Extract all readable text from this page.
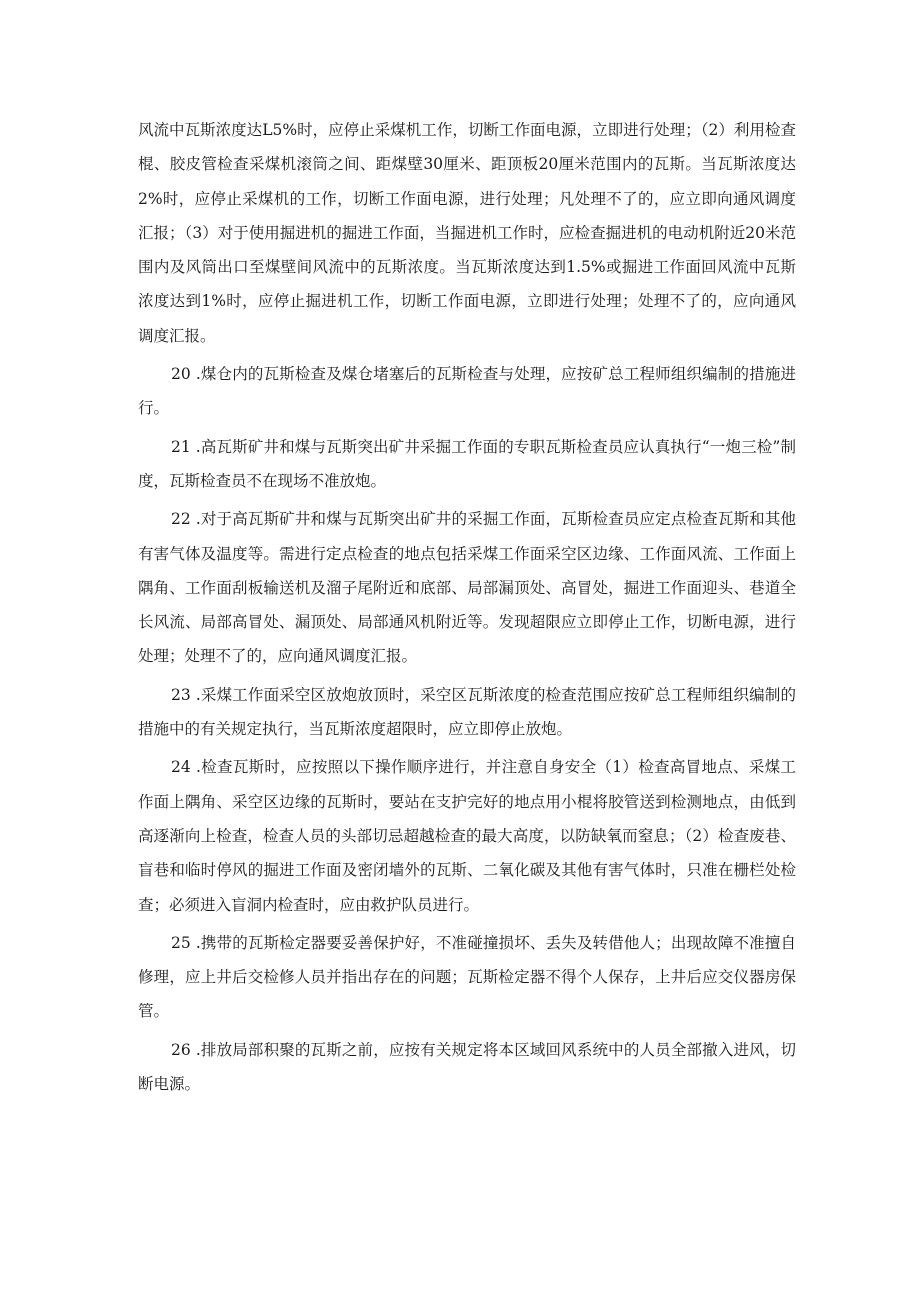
风流中瓦斯浓度达L5%时，应停止采煤机工作，切断工作面电源，立即进行处理；（2）利用检查棍、胶皮管检查采煤机滚筒之间、距煤壁30厘米、距顶板20厘米范围内的瓦斯。当瓦斯浓度达2%时，应停止采煤机的工作，切断工作面电源，进行处理；凡处理不了的，应立即向通风调度汇报；（3）对于使用掘进机的掘进工作面，当掘进机工作时，应检查掘进机的电动机附近20米范围内及风筒出口至煤壁间风流中的瓦斯浓度。当瓦斯浓度达到1.5%或掘进工作面回风流中瓦斯浓度达到1%时，应停止掘进机工作，切断工作面电源，立即进行处理；处理不了的，应向通风调度汇报。

20 .煤仓内的瓦斯检查及煤仓堵塞后的瓦斯检查与处理，应按矿总工程师组织编制的措施进行。

21 .高瓦斯矿井和煤与瓦斯突出矿井采掘工作面的专职瓦斯检查员应认真执行“一炮三检”制度，瓦斯检查员不在现场不准放炮。

22 .对于高瓦斯矿井和煤与瓦斯突出矿井的采掘工作面，瓦斯检查员应定点检查瓦斯和其他有害气体及温度等。需进行定点检查的地点包括采煤工作面采空区边缘、工作面风流、工作面上隅角、工作面刮板输送机及溜子尾附近和底部、局部漏顶处、高冒处，掘进工作面迎头、巷道全长风流、局部高冒处、漏顶处、局部通风机附近等。发现超限应立即停止工作，切断电源，进行处理；处理不了的，应向通风调度汇报。

23 .采煤工作面采空区放炮放顶时，采空区瓦斯浓度的检查范围应按矿总工程师组织编制的措施中的有关规定执行，当瓦斯浓度超限时，应立即停止放炮。

24 .检查瓦斯时，应按照以下操作顺序进行，并注意自身安全（1）检查高冒地点、采煤工作面上隅角、采空区边缘的瓦斯时，要站在支护完好的地点用小棍将胶管送到检测地点，由低到高逐渐向上检查，检查人员的头部切忌超越检查的最大高度，以防缺氧而窒息；（2）检查废巷、盲巷和临时停风的掘进工作面及密闭墙外的瓦斯、二氧化碳及其他有害气体时，只准在栅栏处检查；必须进入盲洞内检查时，应由救护队员进行。

25 .携带的瓦斯检定器要妥善保护好，不准碰撞损坏、丢失及转借他人；出现故障不准擅自修理，应上井后交检修人员并指出存在的问题；瓦斯检定器不得个人保存，上井后应交仪器房保管。

26 .排放局部积聚的瓦斯之前，应按有关规定将本区域回风系统中的人员全部撤入进风，切断电源。
